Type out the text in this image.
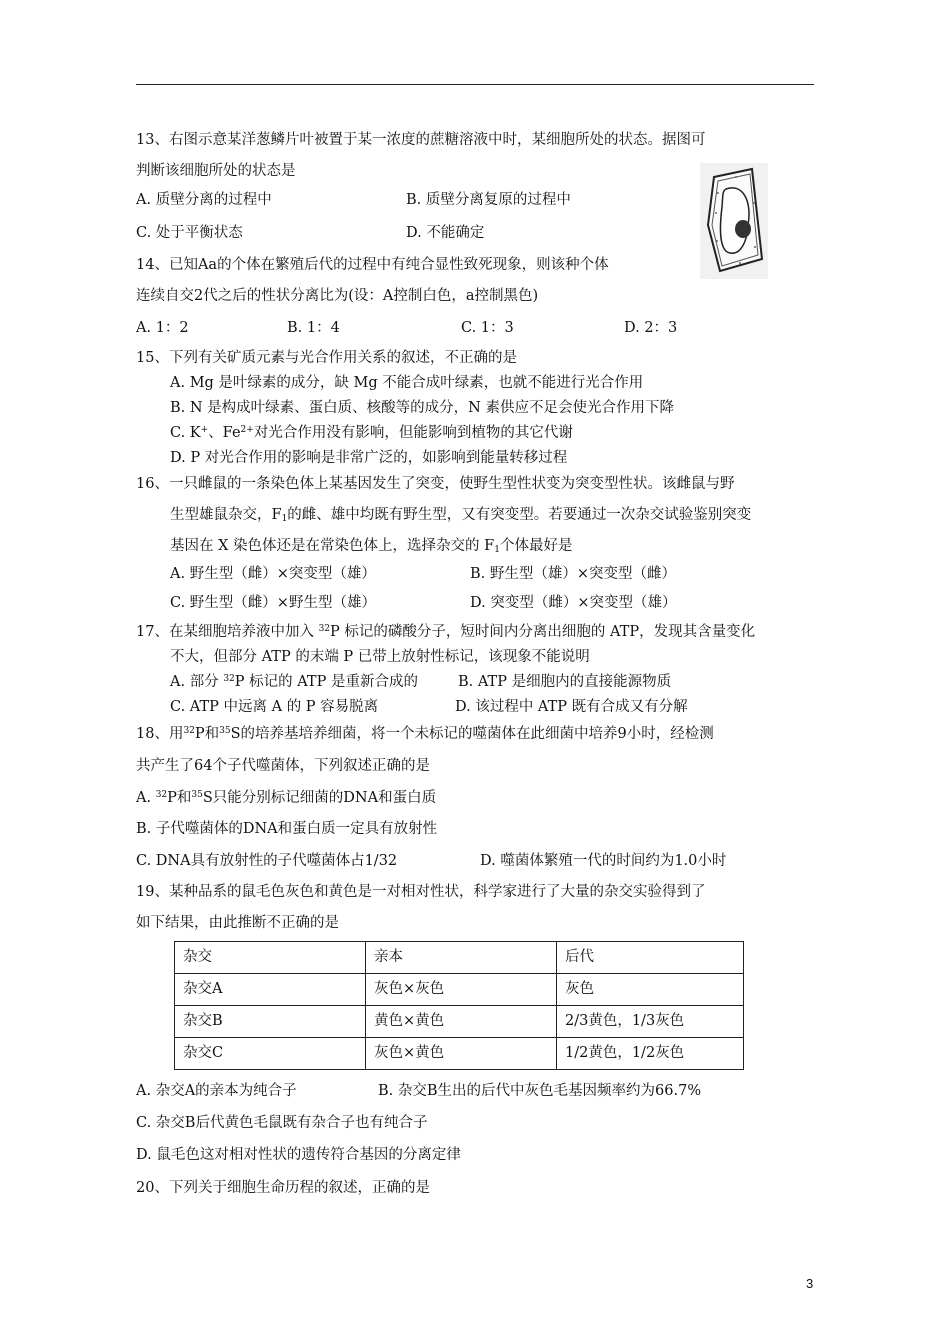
13、右图示意某洋葱鳞片叶被置于某一浓度的蔗糖溶液中时，某细胞所处的状态。据图可
判断该细胞所处的状态是
A. 质壁分离的过程中	B. 质壁分离复原的过程中
C. 处于平衡状态	D. 不能确定
14、已知Aa的个体在繁殖后代的过程中有纯合显性致死现象，则该种个体
连续自交2代之后的性状分离比为(设：A控制白色，a控制黑色)
A. 1：2	B. 1：4	C. 1：3	D. 2：3
15、下列有关矿质元素与光合作用关系的叙述，不正确的是
A. Mg 是叶绿素的成分，缺 Mg 不能合成叶绿素，也就不能进行光合作用
B. N 是构成叶绿素、蛋白质、核酸等的成分，N 素供应不足会使光合作用下降
C. K+、$Fe^{2+}$对光合作用没有影响，但能影响到植物的其它代谢
D. P 对光合作用的影响是非常广泛的，如影响到能量转移过程
16、一只雌鼠的一条染色体上某基因发生了突变，使野生型性状变为突变型性状。该雌鼠与野
生型雄鼠杂交，$F_1$的雌、雄中均既有野生型，又有突变型。若要通过一次杂交试验鉴别突变
基因在 X 染色体还是在常染色体上，选择杂交的 $F_1$个体最好是
A. 野生型（雌）×突变型（雄）	B. 野生型（雄）×突变型（雌）
C. 野生型（雌）×野生型（雄）	D. 突变型（雌）×突变型（雄）
17、在某细胞培养液中加入 $^{32}$P 标记的磷酸分子，短时间内分离出细胞的 ATP，发现其含量变化
不大，但部分 ATP 的末端 P 已带上放射性标记，该现象不能说明
A. 部分 $^{32}$P 标记的 ATP 是重新合成的	B. ATP 是细胞内的直接能源物质
C. ATP 中远离 A 的 P 容易脱离	D. 该过程中 ATP 既有合成又有分解
18、用$^{32}$P和$^{35}$S的培养基培养细菌，将一个未标记的噬菌体在此细菌中培养9小时，经检测
共产生了64个子代噬菌体，下列叙述正确的是
A. $^{32}$P和$^{35}$S只能分别标记细菌的DNA和蛋白质
B. 子代噬菌体的DNA和蛋白质一定具有放射性
C. DNA具有放射性的子代噬菌体占1/32	D. 噬菌体繁殖一代的时间约为1.0小时
19、某种品系的鼠毛色灰色和黄色是一对相对性状，科学家进行了大量的杂交实验得到了
如下结果，由此推断不正确的是
杂交	亲本	后代
杂交A	灰色×灰色	灰色
杂交B	黄色×黄色	2/3黄色，1/3灰色
杂交C	灰色×黄色	1/2黄色，1/2灰色
A. 杂交A的亲本为纯合子	B. 杂交B生出的后代中灰色毛基因频率约为66.7%
C. 杂交B后代黄色毛鼠既有杂合子也有纯合子
D. 鼠毛色这对相对性状的遗传符合基因的分离定律
20、下列关于细胞生命历程的叙述，正确的是
3
